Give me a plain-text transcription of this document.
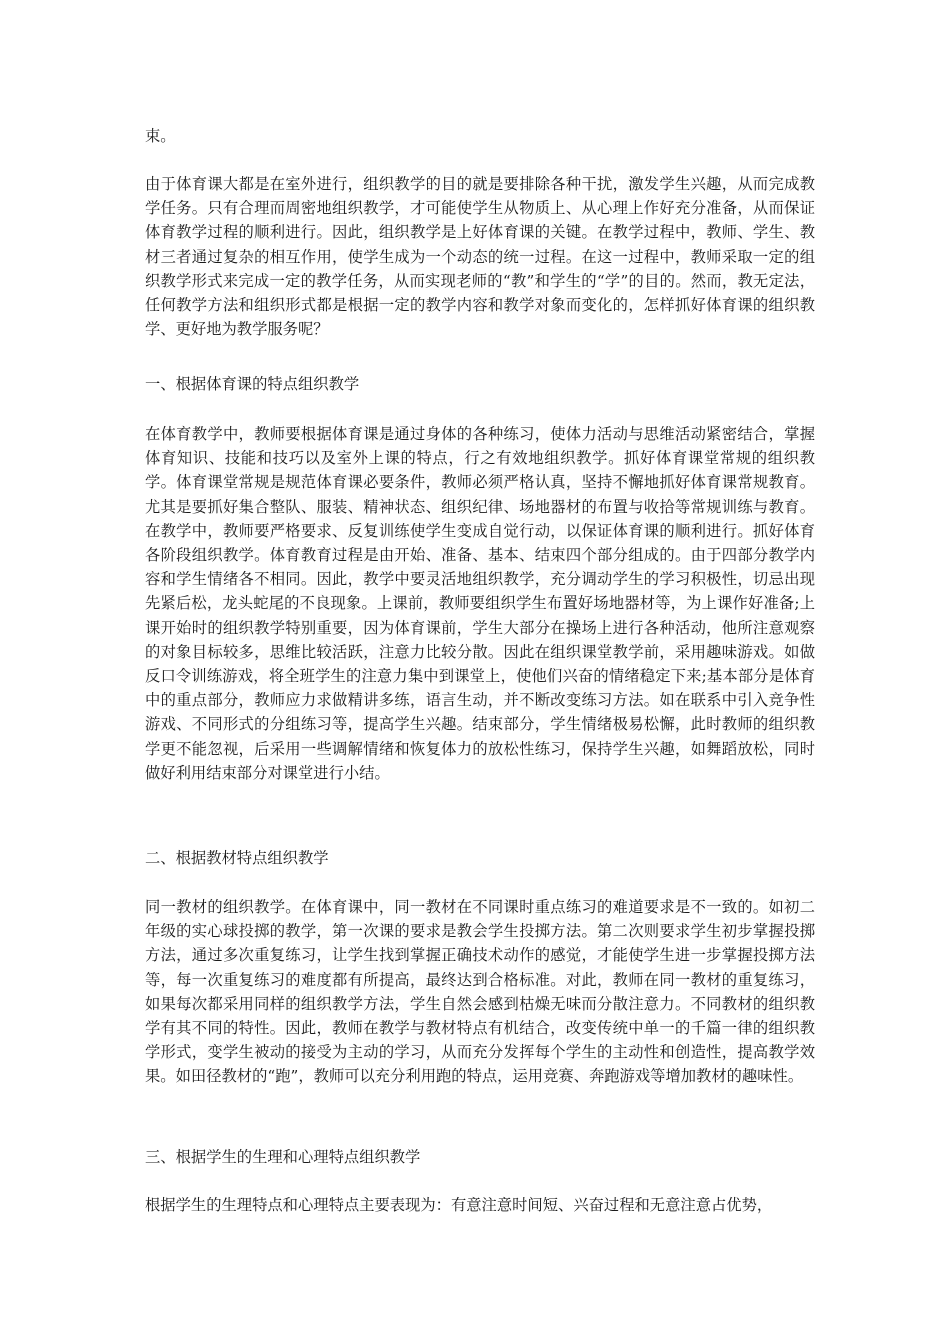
束。

由于体育课大都是在室外进行，组织教学的目的就是要排除各种干扰，激发学生兴趣，从而完成教学任务。只有合理而周密地组织教学，才可能使学生从物质上、从心理上作好充分准备，从而保证体育教学过程的顺利进行。因此，组织教学是上好体育课的关键。在教学过程中，教师、学生、教材三者通过复杂的相互作用，使学生成为一个动态的统一过程。在这一过程中，教师采取一定的组织教学形式来完成一定的教学任务，从而实现老师的“教”和学生的“学”的目的。然而，教无定法，任何教学方法和组织形式都是根据一定的教学内容和教学对象而变化的，怎样抓好体育课的组织教学、更好地为教学服务呢？

一、根据体育课的特点组织教学

在体育教学中，教师要根据体育课是通过身体的各种练习，使体力活动与思维活动紧密结合，掌握体育知识、技能和技巧以及室外上课的特点，行之有效地组织教学。抓好体育课堂常规的组织教学。体育课堂常规是规范体育课必要条件，教师必须严格认真，坚持不懈地抓好体育课常规教育。尤其是要抓好集合整队、服装、精神状态、组织纪律、场地器材的布置与收拾等常规训练与教育。在教学中，教师要严格要求、反复训练使学生变成自觉行动，以保证体育课的顺利进行。抓好体育各阶段组织教学。体育教育过程是由开始、准备、基本、结束四个部分组成的。由于四部分教学内容和学生情绪各不相同。因此，教学中要灵活地组织教学，充分调动学生的学习积极性，切忌出现先紧后松，龙头蛇尾的不良现象。上课前，教师要组织学生布置好场地器材等，为上课作好准备;上课开始时的组织教学特别重要，因为体育课前，学生大部分在操场上进行各种活动，他所注意观察的对象目标较多，思维比较活跃，注意力比较分散。因此在组织课堂教学前，采用趣味游戏。如做反口令训练游戏，将全班学生的注意力集中到课堂上，使他们兴奋的情绪稳定下来;基本部分是体育中的重点部分，教师应力求做精讲多练，语言生动，并不断改变练习方法。如在联系中引入竞争性游戏、不同形式的分组练习等，提高学生兴趣。结束部分，学生情绪极易松懈，此时教师的组织教学更不能忽视，后采用一些调解情绪和恢复体力的放松性练习，保持学生兴趣，如舞蹈放松，同时做好利用结束部分对课堂进行小结。

二、根据教材特点组织教学

同一教材的组织教学。在体育课中，同一教材在不同课时重点练习的难道要求是不一致的。如初二年级的实心球投掷的教学，第一次课的要求是教会学生投掷方法。第二次则要求学生初步掌握投掷方法，通过多次重复练习，让学生找到掌握正确技术动作的感觉，才能使学生进一步掌握投掷方法等，每一次重复练习的难度都有所提高，最终达到合格标准。对此，教师在同一教材的重复练习，如果每次都采用同样的组织教学方法，学生自然会感到枯燥无味而分散注意力。不同教材的组织教学有其不同的特性。因此，教师在教学与教材特点有机结合，改变传统中单一的千篇一律的组织教学形式，变学生被动的接受为主动的学习，从而充分发挥每个学生的主动性和创造性，提高教学效果。如田径教材的“跑”，教师可以充分利用跑的特点，运用竞赛、奔跑游戏等增加教材的趣味性。

三、根据学生的生理和心理特点组织教学

根据学生的生理特点和心理特点主要表现为：有意注意时间短、兴奋过程和无意注意占优势，
